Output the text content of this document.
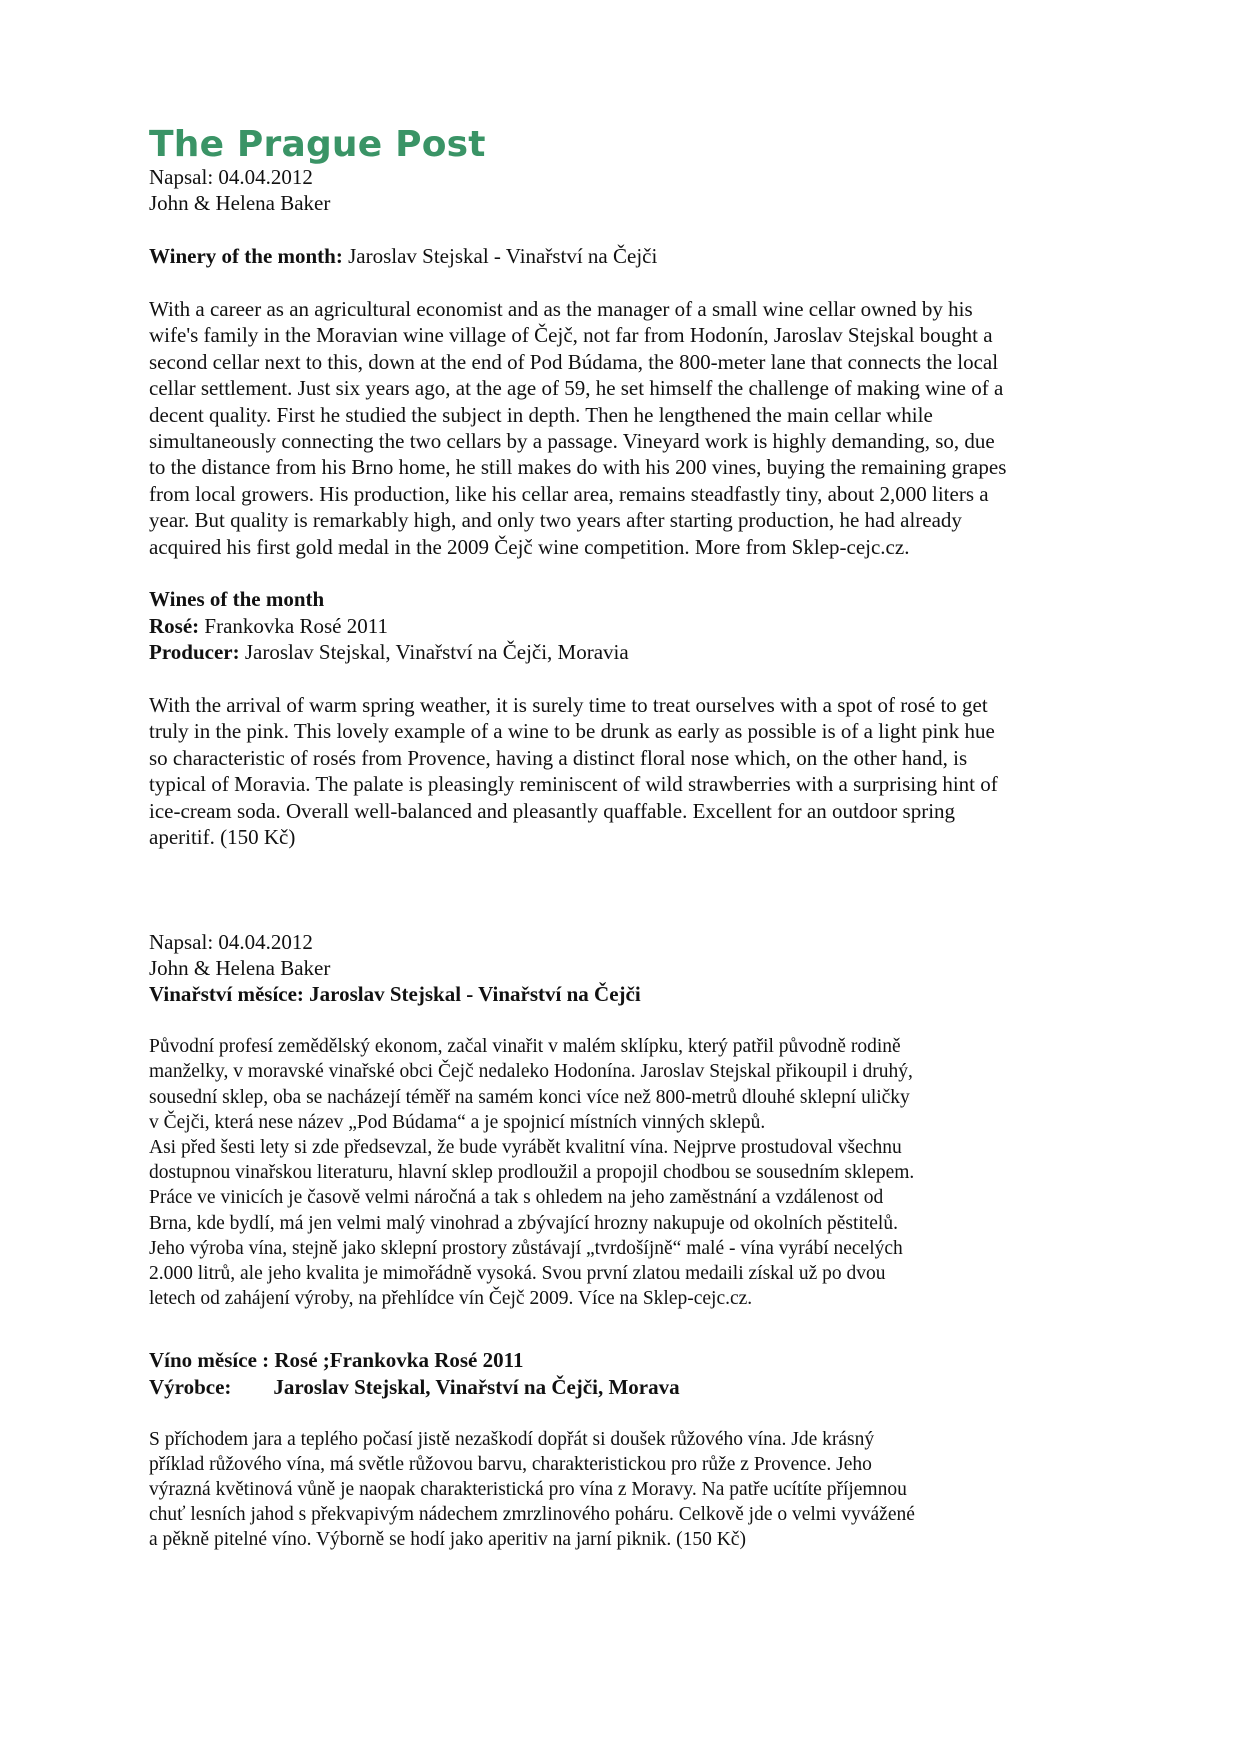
The Prague Post
Napsal: 04.04.2012
John & Helena Baker
Winery of the month: Jaroslav Stejskal - Vinařství na Čejči

With a career as an agricultural economist and as the manager of a small wine cellar owned by his
wife's family in the Moravian wine village of Čejč, not far from Hodonín, Jaroslav Stejskal bought a
second cellar next to this, down at the end of Pod Búdama, the 800-meter lane that connects the local
cellar settlement. Just six years ago, at the age of 59, he set himself the challenge of making wine of a
decent quality. First he studied the subject in depth. Then he lengthened the main cellar while
simultaneously connecting the two cellars by a passage. Vineyard work is highly demanding, so, due
to the distance from his Brno home, he still makes do with his 200 vines, buying the remaining grapes
from local growers. His production, like his cellar area, remains steadfastly tiny, about 2,000 liters a
year. But quality is remarkably high, and only two years after starting production, he had already
acquired his first gold medal in the 2009 Čejč wine competition. More from Sklep-cejc.cz.

Wines of the month
Rosé: Frankovka Rosé 2011
Producer: Jaroslav Stejskal, Vinařství na Čejči, Moravia

With the arrival of warm spring weather, it is surely time to treat ourselves with a spot of rosé to get
truly in the pink. This lovely example of a wine to be drunk as early as possible is of a light pink hue
so characteristic of rosés from Provence, having a distinct floral nose which, on the other hand, is
typical of Moravia. The palate is pleasingly reminiscent of wild strawberries with a surprising hint of
ice-cream soda. Overall well-balanced and pleasantly quaffable. Excellent for an outdoor spring
aperitif. (150 Kč)

Napsal: 04.04.2012
John & Helena Baker
Vinařství měsíce: Jaroslav Stejskal - Vinařství na Čejči

Původní profesí zemědělský ekonom, začal vinařit v malém sklípku, který patřil původně rodině
manželky, v moravské vinařské obci Čejč nedaleko Hodonína. Jaroslav Stejskal přikoupil i druhý,
sousední sklep, oba se nacházejí téměř na samém konci více než 800-metrů dlouhé sklepní uličky
v Čejči, která nese název „Pod Búdama“ a je spojnicí místních vinných sklepů.
Asi před šesti lety si zde předsevzal, že bude vyrábět kvalitní vína. Nejprve prostudoval všechnu
dostupnou vinařskou literaturu, hlavní sklep prodloužil a propojil chodbou se sousedním sklepem.
Práce ve vinicích je časově velmi náročná a tak s ohledem na jeho zaměstnání a vzdálenost od
Brna, kde bydlí, má jen velmi malý vinohrad a zbývající hrozny nakupuje od okolních pěstitelů.
Jeho výroba vína, stejně jako sklepní prostory zůstávají „tvrdošíjně“ malé - vína vyrábí necelých
2.000 litrů, ale jeho kvalita je mimořádně vysoká. Svou první zlatou medaili získal už po dvou
letech od zahájení výroby, na přehlídce vín Čejč 2009. Více na Sklep-cejc.cz.

Víno měsíce : Rosé ;Frankovka Rosé 2011
Výrobce: Jaroslav Stejskal, Vinařství na Čejči, Morava

S příchodem jara a teplého počasí jistě nezaškodí dopřát si doušek růžového vína. Jde krásný
příklad růžového vína, má světle růžovou barvu, charakteristickou pro růže z Provence. Jeho
výrazná květinová vůně je naopak charakteristická pro vína z Moravy. Na patře ucítíte příjemnou
chuť lesních jahod s překvapivým nádechem zmrzlinového poháru. Celkově jde o velmi vyvážené
a pěkně pitelné víno. Výborně se hodí jako aperitiv na jarní piknik. (150 Kč)
